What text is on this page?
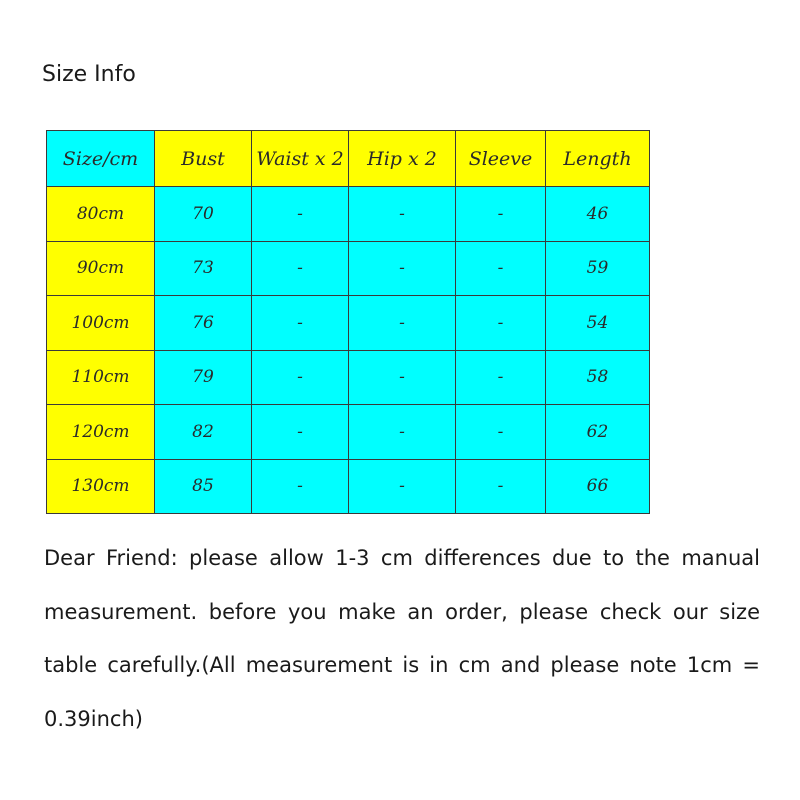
Size Info
Size/cm	Bust	Waist x 2	Hip x 2	Sleeve	Length
80cm	70	-	-	-	46
90cm	73	-	-	-	59
100cm	76	-	-	-	54
110cm	79	-	-	-	58
120cm	82	-	-	-	62
130cm	85	-	-	-	66
Dear Friend: please allow 1-3 cm differences due to the manual measurement. before you make an order, please check our size table carefully.(All measurement is in cm and please note 1cm = 0.39inch)
